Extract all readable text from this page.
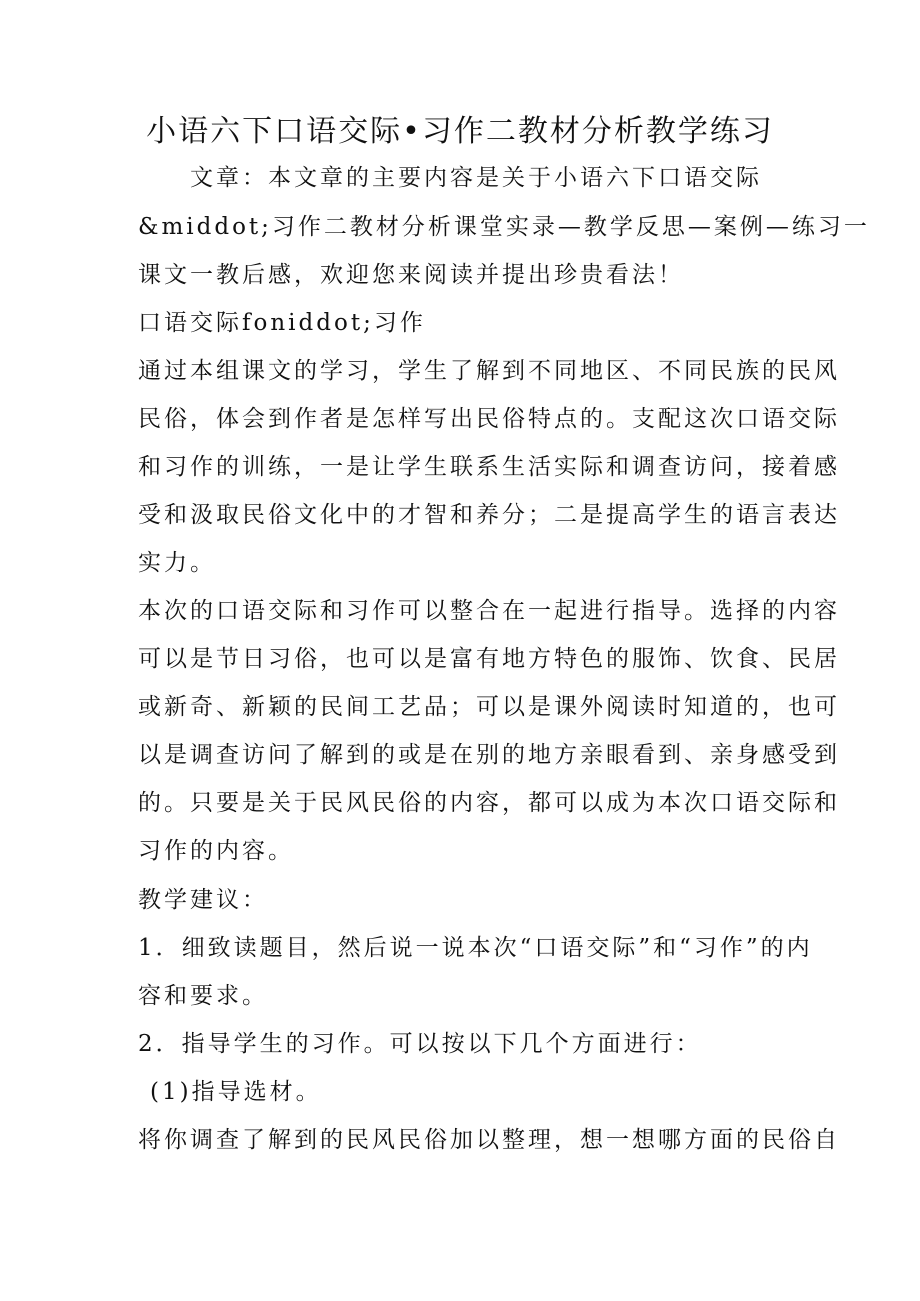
小语六下口语交际•习作二教材分析教学练习
文章：本文章的主要内容是关于小语六下口语交际
&middot;习作二教材分析课堂实录—教学反思—案例—练习一
课文一教后感，欢迎您来阅读并提出珍贵看法！
口语交际foniddot;习作
通过本组课文的学习，学生了解到不同地区、不同民族的民风
民俗，体会到作者是怎样写出民俗特点的。支配这次口语交际
和习作的训练，一是让学生联系生活实际和调查访问，接着感
受和汲取民俗文化中的才智和养分；二是提高学生的语言表达
实力。
本次的口语交际和习作可以整合在一起进行指导。选择的内容
可以是节日习俗，也可以是富有地方特色的服饰、饮食、民居
或新奇、新颖的民间工艺品；可以是课外阅读时知道的，也可
以是调查访问了解到的或是在别的地方亲眼看到、亲身感受到
的。只要是关于民风民俗的内容，都可以成为本次口语交际和
习作的内容。
教学建议：
1．细致读题目，然后说一说本次“口语交际”和“习作”的内
容和要求。
2．指导学生的习作。可以按以下几个方面进行：
(1)指导选材。
将你调查了解到的民风民俗加以整理，想一想哪方面的民俗自
